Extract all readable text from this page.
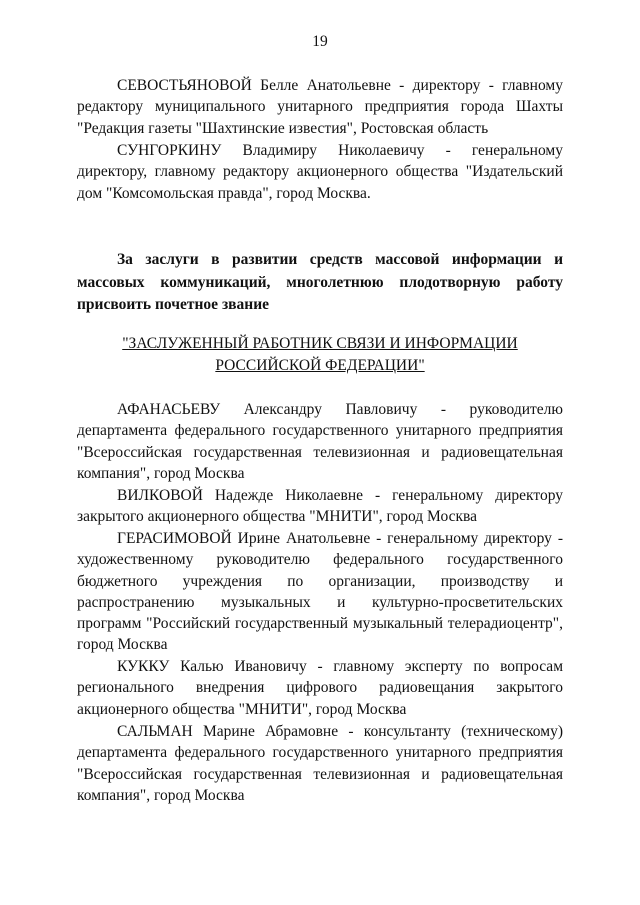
19

СЕВОСТЬЯНОВОЙ Белле Анатольевне - директору - главному редактору муниципального унитарного предприятия города Шахты "Редакция газеты "Шахтинские известия", Ростовская область

СУНГОРКИНУ Владимиру Николаевичу - генеральному директору, главному редактору акционерного общества "Издательский дом "Комсомольская правда", город Москва.

За заслуги в развитии средств массовой информации и массовых коммуникаций, многолетнюю плодотворную работу присвоить почетное звание

"ЗАСЛУЖЕННЫЙ РАБОТНИК СВЯЗИ И ИНФОРМАЦИИ
РОССИЙСКОЙ ФЕДЕРАЦИИ"

АФАНАСЬЕВУ Александру Павловичу - руководителю департамента федерального государственного унитарного предприятия "Всероссийская государственная телевизионная и радиовещательная компания", город Москва

ВИЛКОВОЙ Надежде Николаевне - генеральному директору закрытого акционерного общества "МНИТИ", город Москва

ГЕРАСИМОВОЙ Ирине Анатольевне - генеральному директору - художественному руководителю федерального государственного бюджетного учреждения по организации, производству и распространению музыкальных и культурно-просветительских программ "Российский государственный музыкальный телерадиоцентр", город Москва

КУККУ Калью Ивановичу - главному эксперту по вопросам регионального внедрения цифрового радиовещания закрытого акционерного общества "МНИТИ", город Москва

САЛЬМАН Марине Абрамовне - консультанту (техническому) департамента федерального государственного унитарного предприятия "Всероссийская государственная телевизионная и радиовещательная компания", город Москва
